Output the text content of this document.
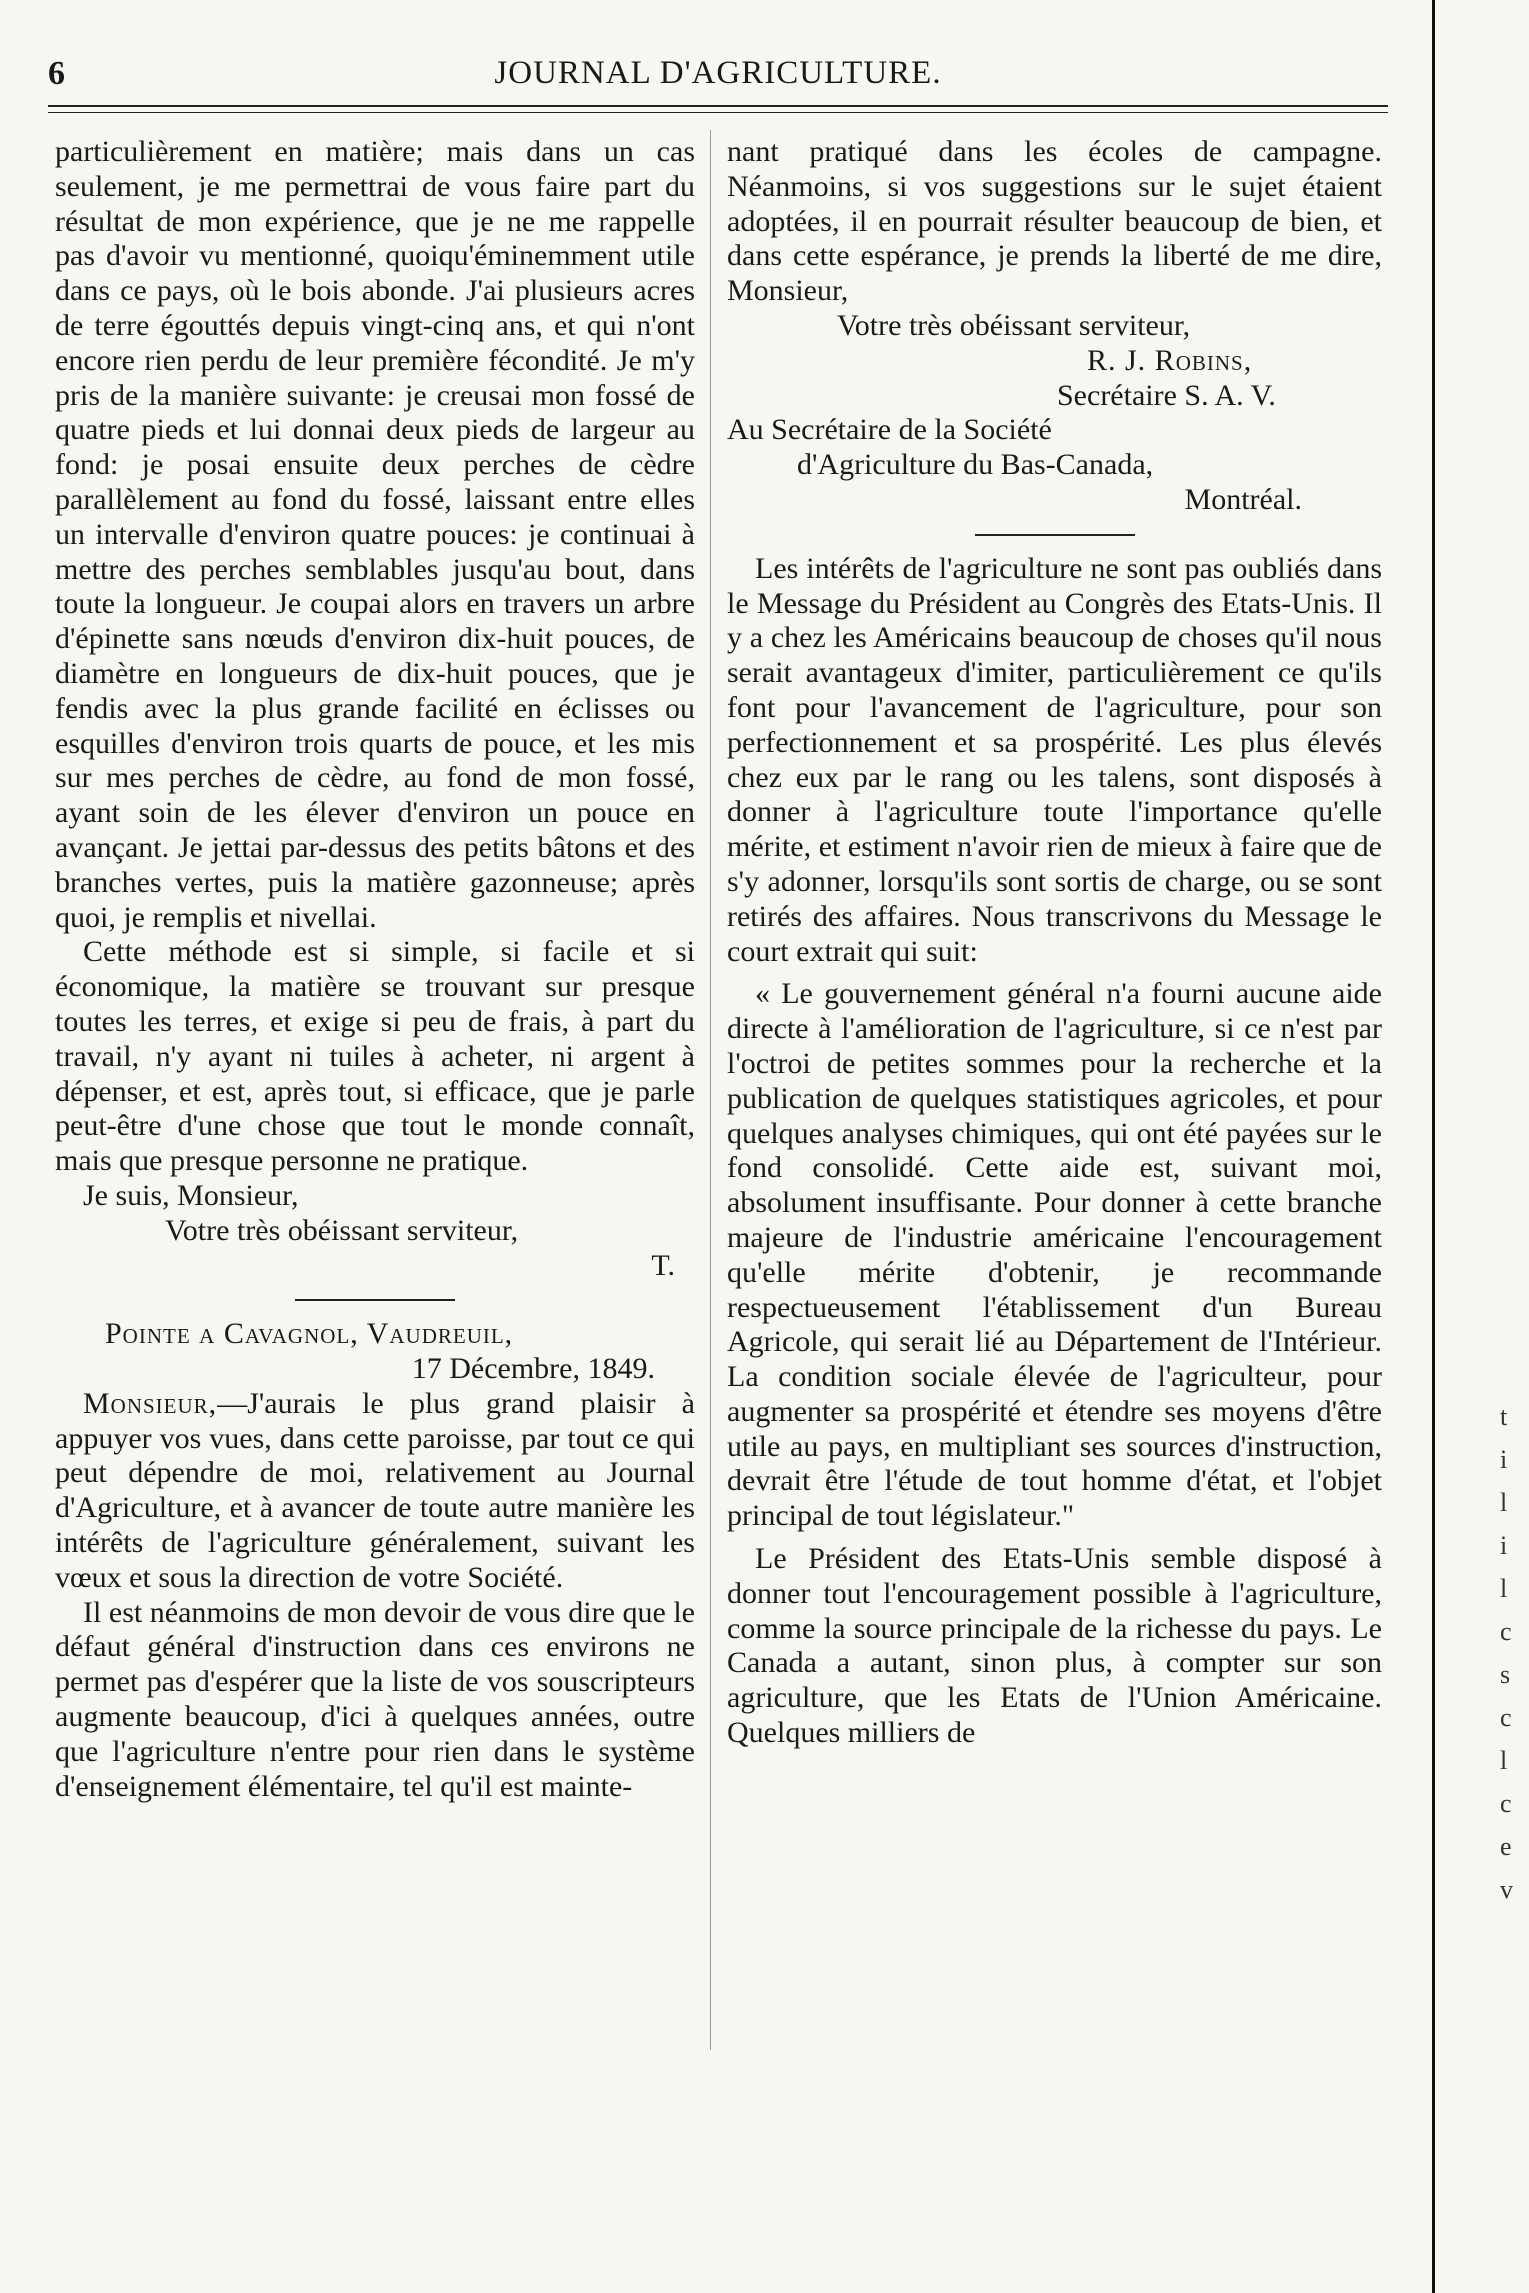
6	JOURNAL D'AGRICULTURE.

particulièrement en matière; mais dans un cas seulement, je me permettrai de vous faire part du résultat de mon expérience, que je ne me rappelle pas d'avoir vu mentionné, quoiqu'éminemment utile dans ce pays, où le bois abonde. J'ai plusieurs acres de terre égouttés depuis vingt-cinq ans, et qui n'ont encore rien perdu de leur première fécondité. Je m'y pris de la manière suivante: je creusai mon fossé de quatre pieds et lui donnai deux pieds de largeur au fond: je posai ensuite deux perches de cèdre parallèlement au fond du fossé, laissant entre elles un intervalle d'environ quatre pouces: je continuai à mettre des perches semblables jusqu'au bout, dans toute la longueur. Je coupai alors en travers un arbre d'épinette sans nœuds d'environ dix-huit pouces, de diamètre en longueurs de dix-huit pouces, que je fendis avec la plus grande facilité en éclisses ou esquilles d'environ trois quarts de pouce, et les mis sur mes perches de cèdre, au fond de mon fossé, ayant soin de les élever d'environ un pouce en avançant. Je jettai par-dessus des petits bâtons et des branches vertes, puis la matière gazonneuse; après quoi, je remplis et nivellai.

Cette méthode est si simple, si facile et si économique, la matière se trouvant sur presque toutes les terres, et exige si peu de frais, à part du travail, n'y ayant ni tuiles à acheter, ni argent à dépenser, et est, après tout, si efficace, que je parle peut-être d'une chose que tout le monde connaît, mais que presque personne ne pratique.

Je suis, Monsieur,

Votre très obéissant serviteur,

T.

Pointe a Cavagnol, Vaudreuil,

17 Décembre, 1849.

Monsieur,—J'aurais le plus grand plaisir à appuyer vos vues, dans cette paroisse, par tout ce qui peut dépendre de moi, relativement au Journal d'Agriculture, et à avancer de toute autre manière les intérêts de l'agriculture généralement, suivant les vœux et sous la direction de votre Société.

Il est néanmoins de mon devoir de vous dire que le défaut général d'instruction dans ces environs ne permet pas d'espérer que la liste de vos souscripteurs augmente beaucoup, d'ici à quelques années, outre que l'agriculture n'entre pour rien dans le système d'enseignement élémentaire, tel qu'il est mainte-

nant pratiqué dans les écoles de campagne. Néanmoins, si vos suggestions sur le sujet étaient adoptées, il en pourrait résulter beaucoup de bien, et dans cette espérance, je prends la liberté de me dire, Monsieur,

Votre très obéissant serviteur,

R. J. Robins,

Secrétaire S. A. V.

Au Secrétaire de la Société

d'Agriculture du Bas-Canada,

Montréal.

Les intérêts de l'agriculture ne sont pas oubliés dans le Message du Président au Congrès des Etats-Unis. Il y a chez les Américains beaucoup de choses qu'il nous serait avantageux d'imiter, particulièrement ce qu'ils font pour l'avancement de l'agriculture, pour son perfectionnement et sa prospérité. Les plus élevés chez eux par le rang ou les talens, sont disposés à donner à l'agriculture toute l'importance qu'elle mérite, et estiment n'avoir rien de mieux à faire que de s'y adonner, lorsqu'ils sont sortis de charge, ou se sont retirés des affaires. Nous transcrivons du Message le court extrait qui suit:

« Le gouvernement général n'a fourni aucune aide directe à l'amélioration de l'agriculture, si ce n'est par l'octroi de petites sommes pour la recherche et la publication de quelques statistiques agricoles, et pour quelques analyses chimiques, qui ont été payées sur le fond consolidé. Cette aide est, suivant moi, absolument insuffisante. Pour donner à cette branche majeure de l'industrie américaine l'encouragement qu'elle mérite d'obtenir, je recommande respectueusement l'établissement d'un Bureau Agricole, qui serait lié au Département de l'Intérieur. La condition sociale élevée de l'agriculteur, pour augmenter sa prospérité et étendre ses moyens d'être utile au pays, en multipliant ses sources d'instruction, devrait être l'étude de tout homme d'état, et l'objet principal de tout législateur."

Le Président des Etats-Unis semble disposé à donner tout l'encouragement possible à l'agriculture, comme la source principale de la richesse du pays. Le Canada a autant, sinon plus, à compter sur son agriculture, que les Etats de l'Union Américaine. Quelques milliers de

t
i
l
i
l
c
s
c
l
c
e
v
